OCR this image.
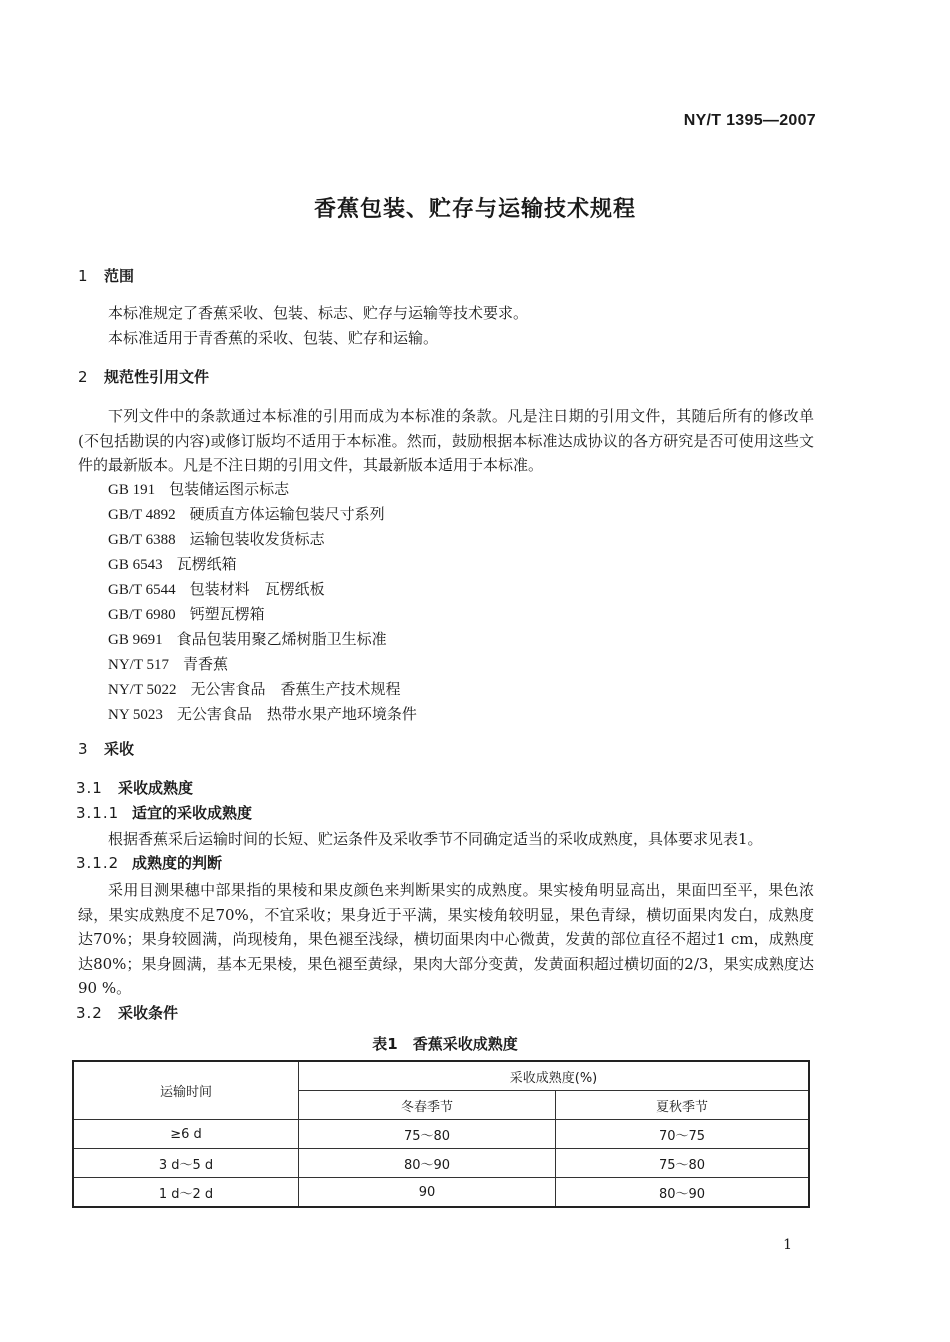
NY/T 1395—2007
香蕉包装、贮存与运输技术规程
1 范围
本标准规定了香蕉采收、包装、标志、贮存与运输等技术要求。
本标准适用于青香蕉的采收、包装、贮存和运输。
2 规范性引用文件
下列文件中的条款通过本标准的引用而成为本标准的条款。凡是注日期的引用文件，其随后所有的修改单(不包括勘误的内容)或修订版均不适用于本标准。然而，鼓励根据本标准达成协议的各方研究是否可使用这些文件的最新版本。凡是不注日期的引用文件，其最新版本适用于本标准。
GB 191 包装储运图示标志
GB/T 4892 硬质直方体运输包装尺寸系列
GB/T 6388 运输包装收发货标志
GB 6543 瓦楞纸箱
GB/T 6544 包装材料　瓦楞纸板
GB/T 6980 钙塑瓦楞箱
GB 9691 食品包装用聚乙烯树脂卫生标准
NY/T 517 青香蕉
NY/T 5022 无公害食品　香蕉生产技术规程
NY 5023 无公害食品　热带水果产地环境条件
3 采收
3.1 采收成熟度
3.1.1 适宜的采收成熟度
根据香蕉采后运输时间的长短、贮运条件及采收季节不同确定适当的采收成熟度，具体要求见表1。
3.1.2 成熟度的判断
采用目测果穗中部果指的果棱和果皮颜色来判断果实的成熟度。果实棱角明显高出，果面凹至平，果色浓绿，果实成熟度不足70%，不宜采收；果身近于平满，果实棱角较明显，果色青绿，横切面果肉发白，成熟度达70%；果身较圆满，尚现棱角，果色褪至浅绿，横切面果肉中心微黄，发黄的部位直径不超过1 cm，成熟度达80%；果身圆满，基本无果棱，果色褪至黄绿，果肉大部分变黄，发黄面积超过横切面的2/3，果实成熟度达90 %。
3.2 采收条件
表1　香蕉采收成熟度
运输时间	采收成熟度(%)	
	冬春季节	夏秋季节
≥6 d	75～80	70～75
3 d～5 d	80～90	75～80
1 d～2 d	90	80～90
1
